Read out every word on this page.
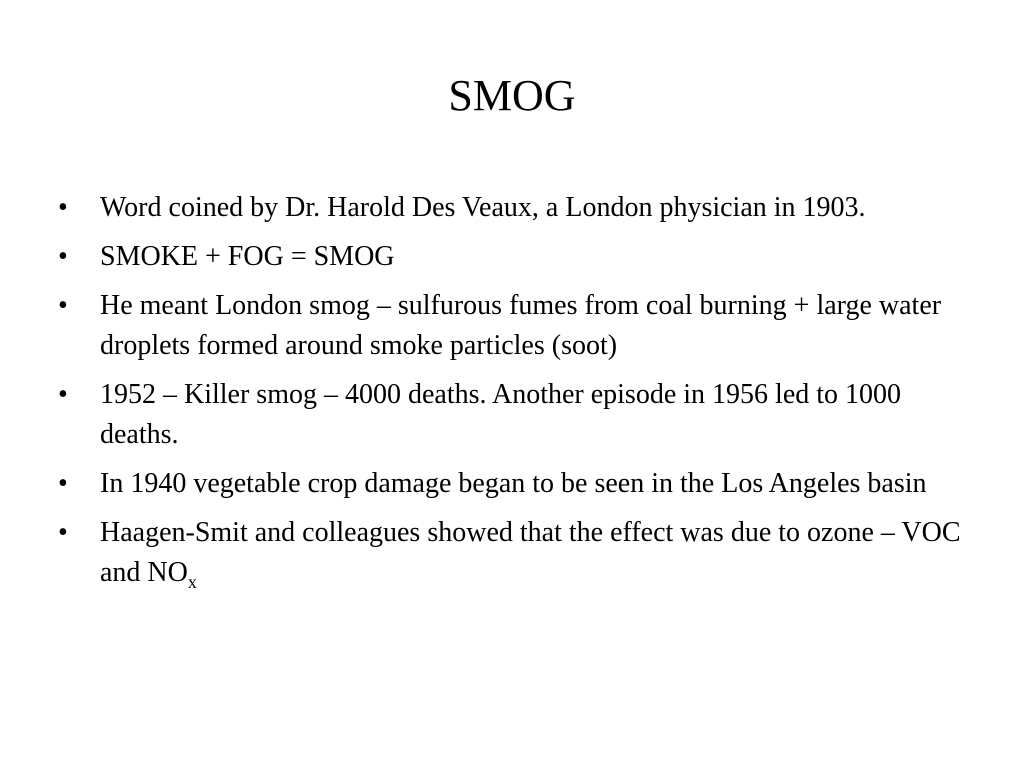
SMOG
•	Word coined by Dr. Harold Des Veaux, a London physician in 1903.
•	SMOKE + FOG = SMOG
•	He meant London smog – sulfurous fumes from coal burning + large water droplets formed around smoke particles (soot)
•	1952 – Killer smog – 4000 deaths. Another episode in 1956 led to 1000 deaths.
•	In 1940 vegetable crop damage began to be seen in the Los Angeles basin
•	Haagen-Smit and colleagues showed that the effect was due to ozone – VOC and $NO_x$
